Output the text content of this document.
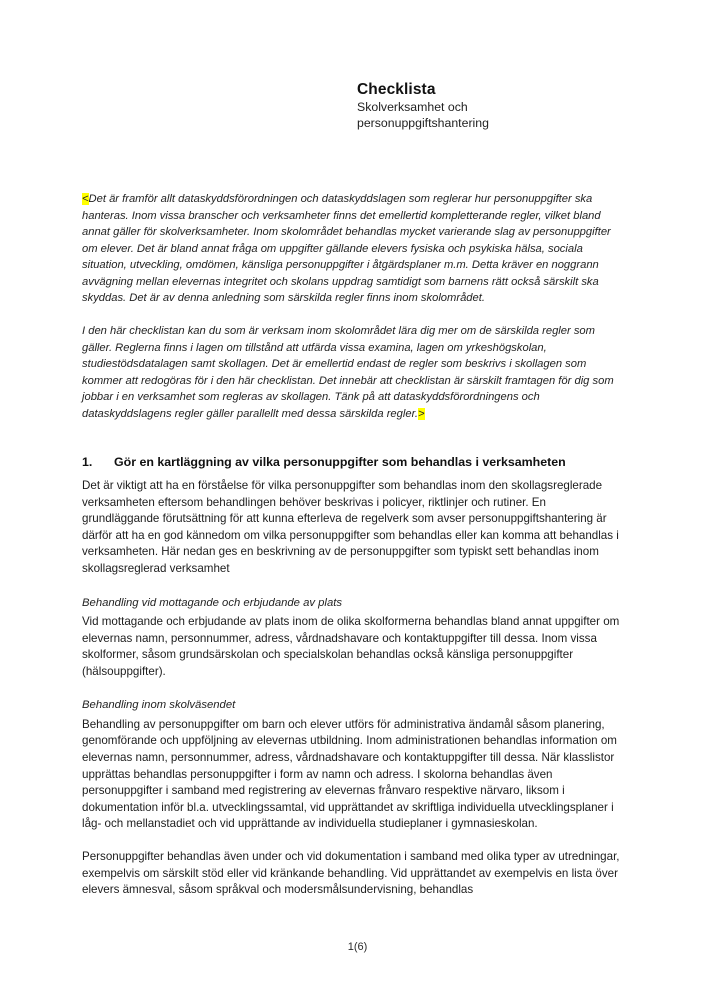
Checklista
Skolverksamhet och
personuppgiftshantering

<Det är framför allt dataskyddsförordningen och dataskyddslagen som reglerar hur personuppgifter ska hanteras. Inom vissa branscher och verksamheter finns det emellertid kompletterande regler, vilket bland annat gäller för skolverksamheter. Inom skolområdet behandlas mycket varierande slag av personuppgifter om elever. Det är bland annat fråga om uppgifter gällande elevers fysiska och psykiska hälsa, sociala situation, utveckling, omdömen, känsliga personuppgifter i åtgärdsplaner m.m. Detta kräver en noggrann avvägning mellan elevernas integritet och skolans uppdrag samtidigt som barnens rätt också särskilt ska skyddas. Det är av denna anledning som särskilda regler finns inom skolområdet.

I den här checklistan kan du som är verksam inom skolområdet lära dig mer om de särskilda regler som gäller. Reglerna finns i lagen om tillstånd att utfärda vissa examina, lagen om yrkeshögskolan, studiestödsdatalagen samt skollagen. Det är emellertid endast de regler som beskrivs i skollagen som kommer att redogöras för i den här checklistan. Det innebär att checklistan är särskilt framtagen för dig som jobbar i en verksamhet som regleras av skollagen. Tänk på att dataskyddsförordningens och dataskyddslagens regler gäller parallellt med dessa särskilda regler.>

1.	Gör en kartläggning av vilka personuppgifter som behandlas i verksamheten

Det är viktigt att ha en förståelse för vilka personuppgifter som behandlas inom den skollagsreglerade verksamheten eftersom behandlingen behöver beskrivas i policyer, riktlinjer och rutiner. En grundläggande förutsättning för att kunna efterleva de regelverk som avser personuppgiftshantering är därför att ha en god kännedom om vilka personuppgifter som behandlas eller kan komma att behandlas i verksamheten. Här nedan ges en beskrivning av de personuppgifter som typiskt sett behandlas inom skollagsreglerad verksamhet

Behandling vid mottagande och erbjudande av plats

Vid mottagande och erbjudande av plats inom de olika skolformerna behandlas bland annat uppgifter om elevernas namn, personnummer, adress, vårdnadshavare och kontaktuppgifter till dessa. Inom vissa skolformer, såsom grundsärskolan och specialskolan behandlas också känsliga personuppgifter (hälsouppgifter).

Behandling inom skolväsendet

Behandling av personuppgifter om barn och elever utförs för administrativa ändamål såsom planering, genomförande och uppföljning av elevernas utbildning. Inom administrationen behandlas information om elevernas namn, personnummer, adress, vårdnadshavare och kontaktuppgifter till dessa. När klasslistor upprättas behandlas personuppgifter i form av namn och adress. I skolorna behandlas även personuppgifter i samband med registrering av elevernas frånvaro respektive närvaro, liksom i dokumentation inför bl.a. utvecklingssamtal, vid upprättandet av skriftliga individuella utvecklingsplaner i låg- och mellanstadiet och vid upprättande av individuella studieplaner i gymnasieskolan.

Personuppgifter behandlas även under och vid dokumentation i samband med olika typer av utredningar, exempelvis om särskilt stöd eller vid kränkande behandling. Vid upprättandet av exempelvis en lista över elevers ämnesval, såsom språkval och modersmålsundervisning, behandlas

1(6)
